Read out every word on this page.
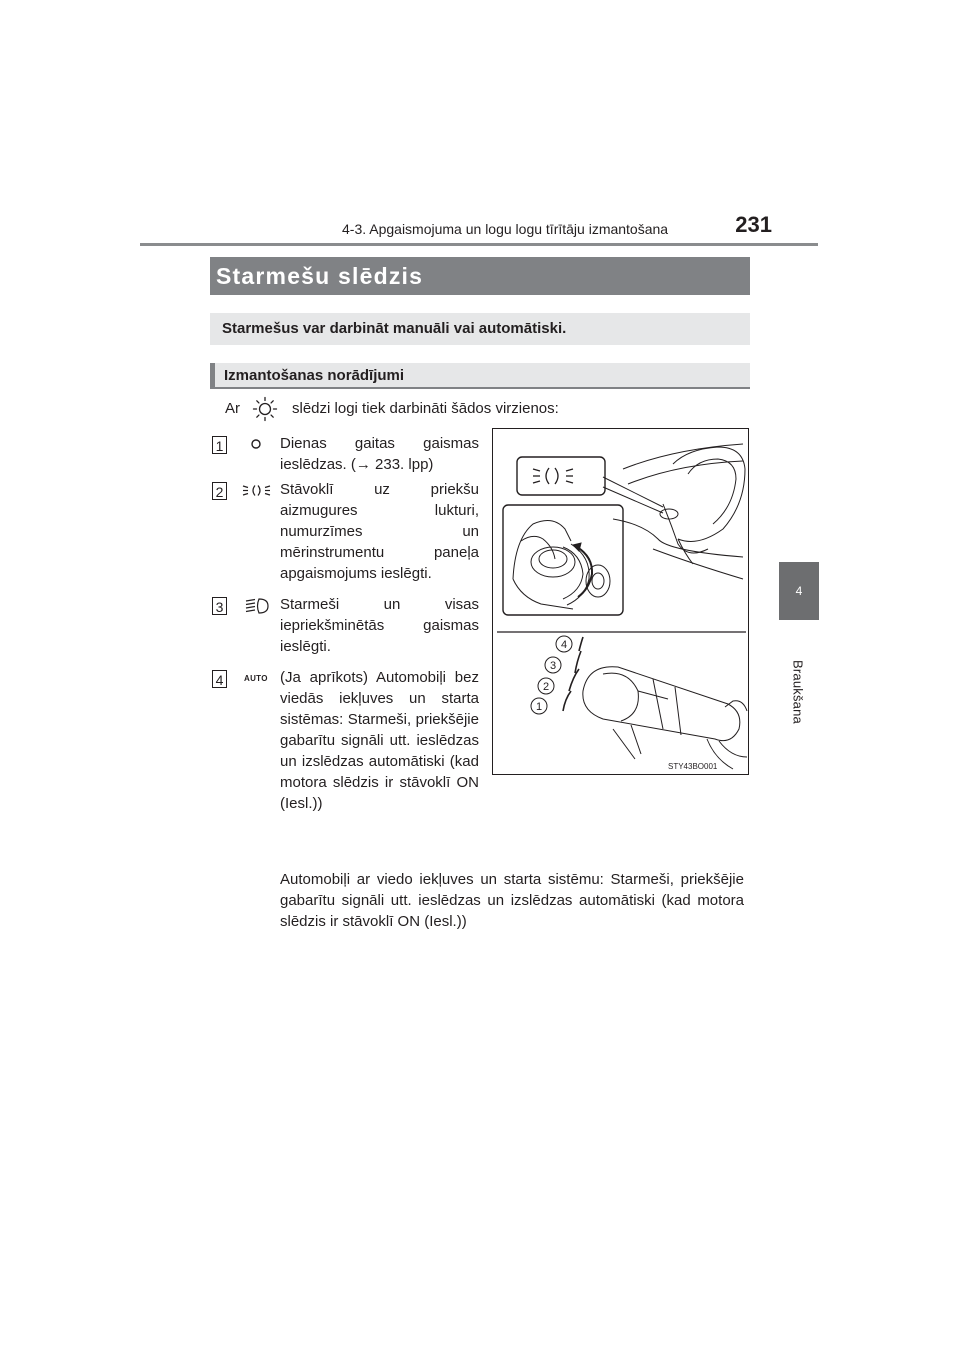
4-3. Apgaismojuma un logu logu tīrītāju izmantošana	231
4
Braukšana
Starmešu slēdzis
Starmešus var darbināt manuāli vai automātiski.
Izmantošanas norādījumi
Ar	slēdzi logi tiek darbināti šādos virzienos:
1	Dienas gaitas gaismas ieslēdzas. (→ 233. lpp)
2	Stāvoklī uz priekšu aizmugures lukturi, numurzīmes un mērinstrumentu paneļa apgaismojums ieslēgti.
3	Starmeši un visas iepriekšminētās gaismas ieslēgti.
4	AUTO (Ja aprīkots) Automobiļi bez viedās iekļuves un starta sistēmas: Starmeši, priekšējie gabarītu signāli utt. ieslēdzas un izslēdzas automātiski (kad motora slēdzis ir stāvoklī ON (Iesl.))
Automobiļi ar viedo iekļuves un starta sistēmu: Starmeši, priekšējie gabarītu signāli utt. ieslēdzas un izslēdzas automātiski (kad motora slēdzis ir stāvoklī ON (Iesl.))
1
2
3
4
STY43BO001
